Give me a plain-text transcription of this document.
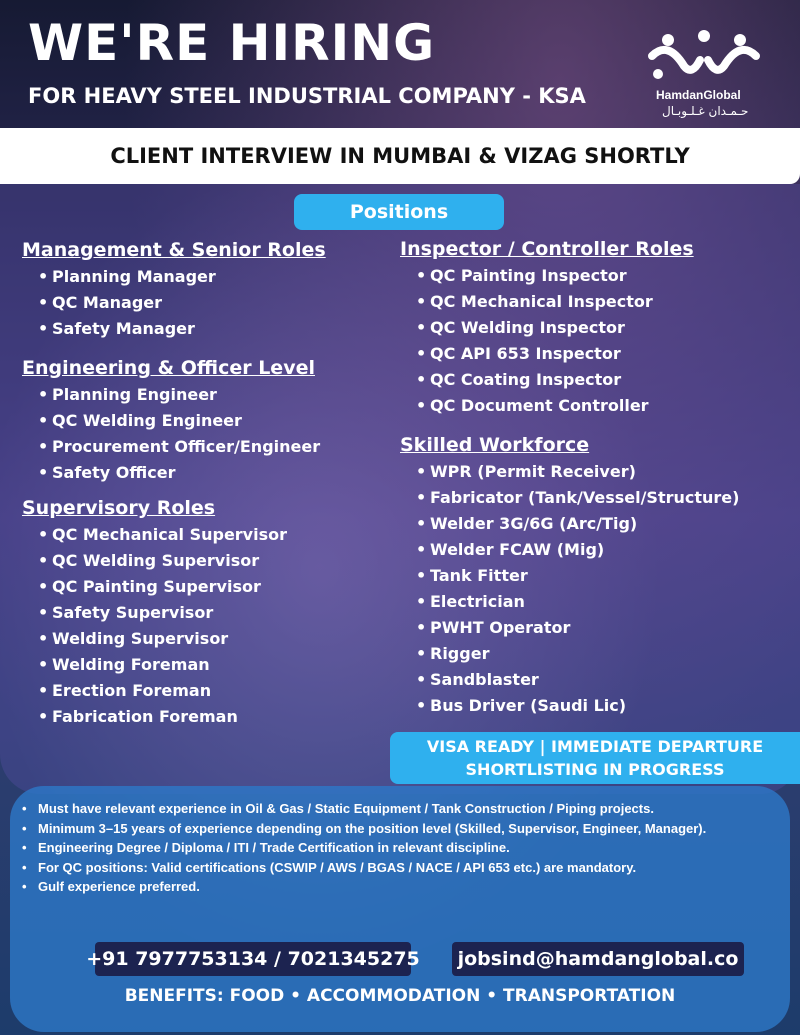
WE'RE HIRING
FOR HEAVY STEEL INDUSTRIAL COMPANY - KSA	HamdanGlobal
حـمـدان غـلـوبـال
CLIENT INTERVIEW IN MUMBAI & VIZAG SHORTLY
Positions
Management & Senior Roles
• Planning Manager
• QC Manager
• Safety Manager
Engineering & Officer Level
• Planning Engineer
• QC Welding Engineer
• Procurement Officer/Engineer
• Safety Officer
Supervisory Roles
• QC Mechanical Supervisor
• QC Welding Supervisor
• QC Painting Supervisor
• Safety Supervisor
• Welding Supervisor
• Welding Foreman
• Erection Foreman
• Fabrication Foreman
Inspector / Controller Roles
• QC Painting Inspector
• QC Mechanical Inspector
• QC Welding Inspector
• QC API 653 Inspector
• QC Coating Inspector
• QC Document Controller
Skilled Workforce
• WPR (Permit Receiver)
• Fabricator (Tank/Vessel/Structure)
• Welder 3G/6G (Arc/Tig)
• Welder FCAW (Mig)
• Tank Fitter
• Electrician
• PWHT Operator
• Rigger
• Sandblaster
• Bus Driver (Saudi Lic)
VISA READY | IMMEDIATE DEPARTURE
SHORTLISTING IN PROGRESS
• Must have relevant experience in Oil & Gas / Static Equipment / Tank Construction / Piping projects.
• Minimum 3–15 years of experience depending on the position level (Skilled, Supervisor, Engineer, Manager).
• Engineering Degree / Diploma / ITI / Trade Certification in relevant discipline.
• For QC positions: Valid certifications (CSWIP / AWS / BGAS / NACE / API 653 etc.) are mandatory.
• Gulf experience preferred.
+91 7977753134 / 7021345275 jobsind@hamdanglobal.co
BENEFITS: FOOD • ACCOMMODATION • TRANSPORTATION
